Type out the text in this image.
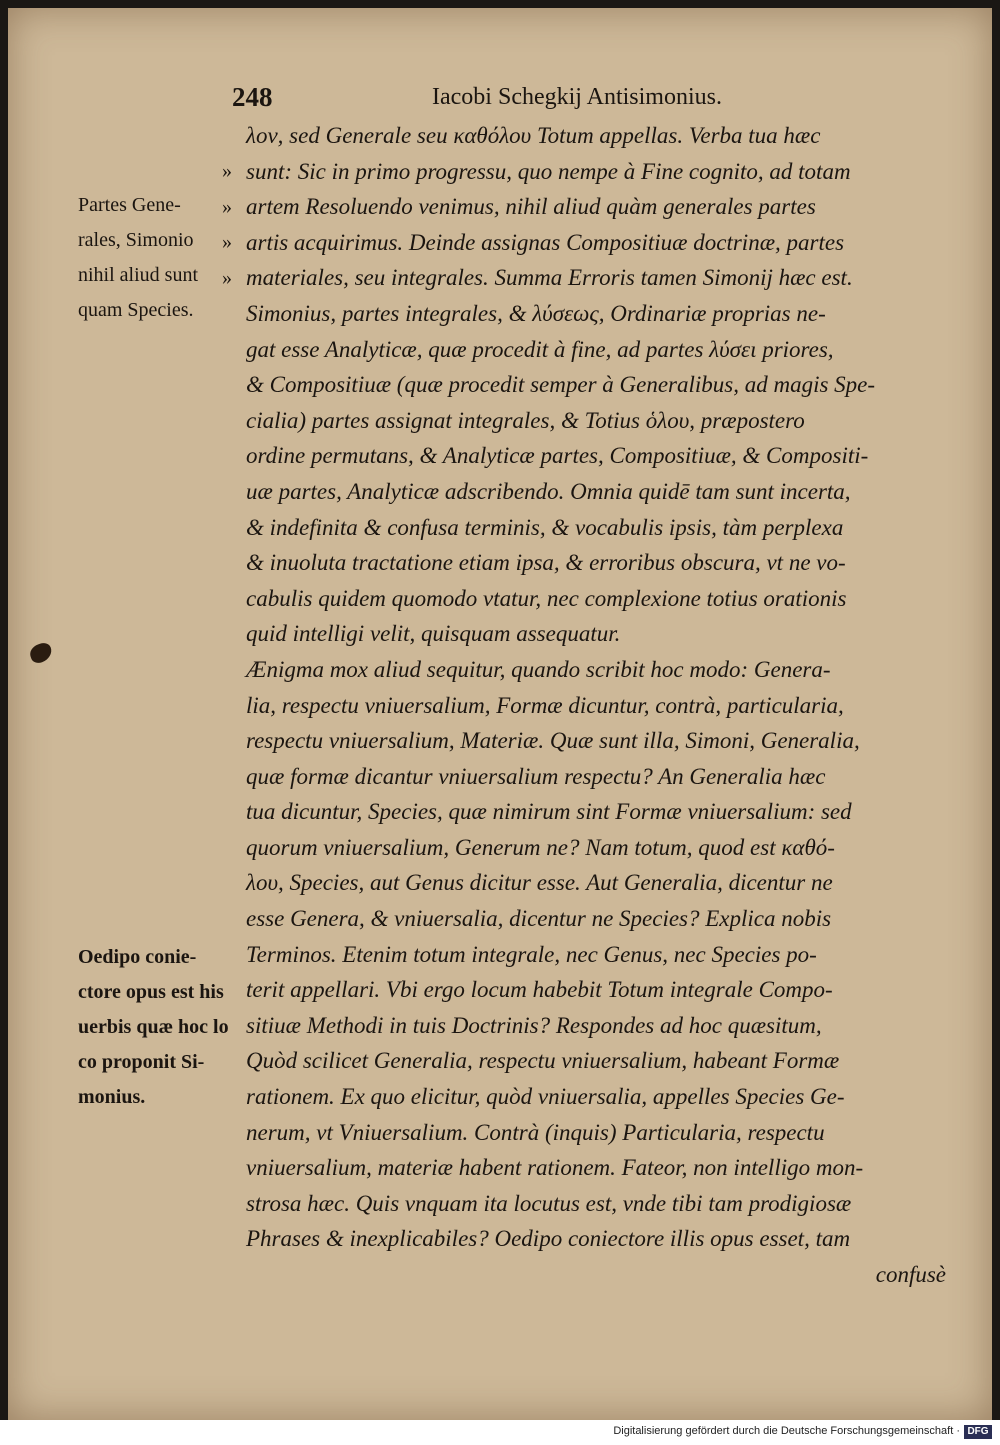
248	Iacobi Schegkij Antisimonius.
»
»
»
»
Partes Gene-
rales, Simonio
nihil aliud sunt
quam Species.
Oedipo conie-
ctore opus est his
uerbis quæ hoc lo
co proponit Si-
monius.
λον, sed Generale seu καθόλου Totum appellas. Verba tua hæc
sunt: Sic in primo progressu, quo nempe à Fine cognito, ad totam
artem Resoluendo venimus, nihil aliud quàm generales partes
artis acquirimus. Deinde assignas Compositiuæ doctrinæ, partes
materiales, seu integrales. Summa Erroris tamen Simonij hæc est.
Simonius, partes integrales, & λύσεως, Ordinariæ proprias ne-
gat esse Analyticæ, quæ procedit à fine, ad partes λύσει priores,
& Compositiuæ (quæ procedit semper à Generalibus, ad magis Spe-
cialia) partes assignat integrales, & Totius ὁλου, præpostero
ordine permutans, & Analyticæ partes, Compositiuæ, & Compositi-
uæ partes, Analyticæ adscribendo. Omnia quidē tam sunt incerta,
& indefinita & confusa terminis, & vocabulis ipsis, tàm perplexa
& inuoluta tractatione etiam ipsa, & erroribus obscura, vt ne vo-
cabulis quidem quomodo vtatur, nec complexione totius orationis
quid intelligi velit, quisquam assequatur.
Ænigma mox aliud sequitur, quando scribit hoc modo: Genera-
lia, respectu vniuersalium, Formæ dicuntur, contrà, particularia,
respectu vniuersalium, Materiæ. Quæ sunt illa, Simoni, Generalia,
quæ formæ dicantur vniuersalium respectu? An Generalia hæc
tua dicuntur, Species, quæ nimirum sint Formæ vniuersalium: sed
quorum vniuersalium, Generum ne? Nam totum, quod est καθό-
λου, Species, aut Genus dicitur esse. Aut Generalia, dicentur ne
esse Genera, & vniuersalia, dicentur ne Species? Explica nobis
Terminos. Etenim totum integrale, nec Genus, nec Species po-
terit appellari. Vbi ergo locum habebit Totum integrale Compo-
sitiuæ Methodi in tuis Doctrinis? Respondes ad hoc quæsitum,
Quòd scilicet Generalia, respectu vniuersalium, habeant Formæ
rationem. Ex quo elicitur, quòd vniuersalia, appelles Species Ge-
nerum, vt Vniuersalium. Contrà (inquis) Particularia, respectu
vniuersalium, materiæ habent rationem. Fateor, non intelligo mon-
strosa hæc. Quis vnquam ita locutus est, vnde tibi tam prodigiosæ
Phrases & inexplicabiles? Oedipo coniectore illis opus esset, tam
confusè
Digitalisierung gefördert durch die Deutsche Forschungsgemeinschaft · DFG
